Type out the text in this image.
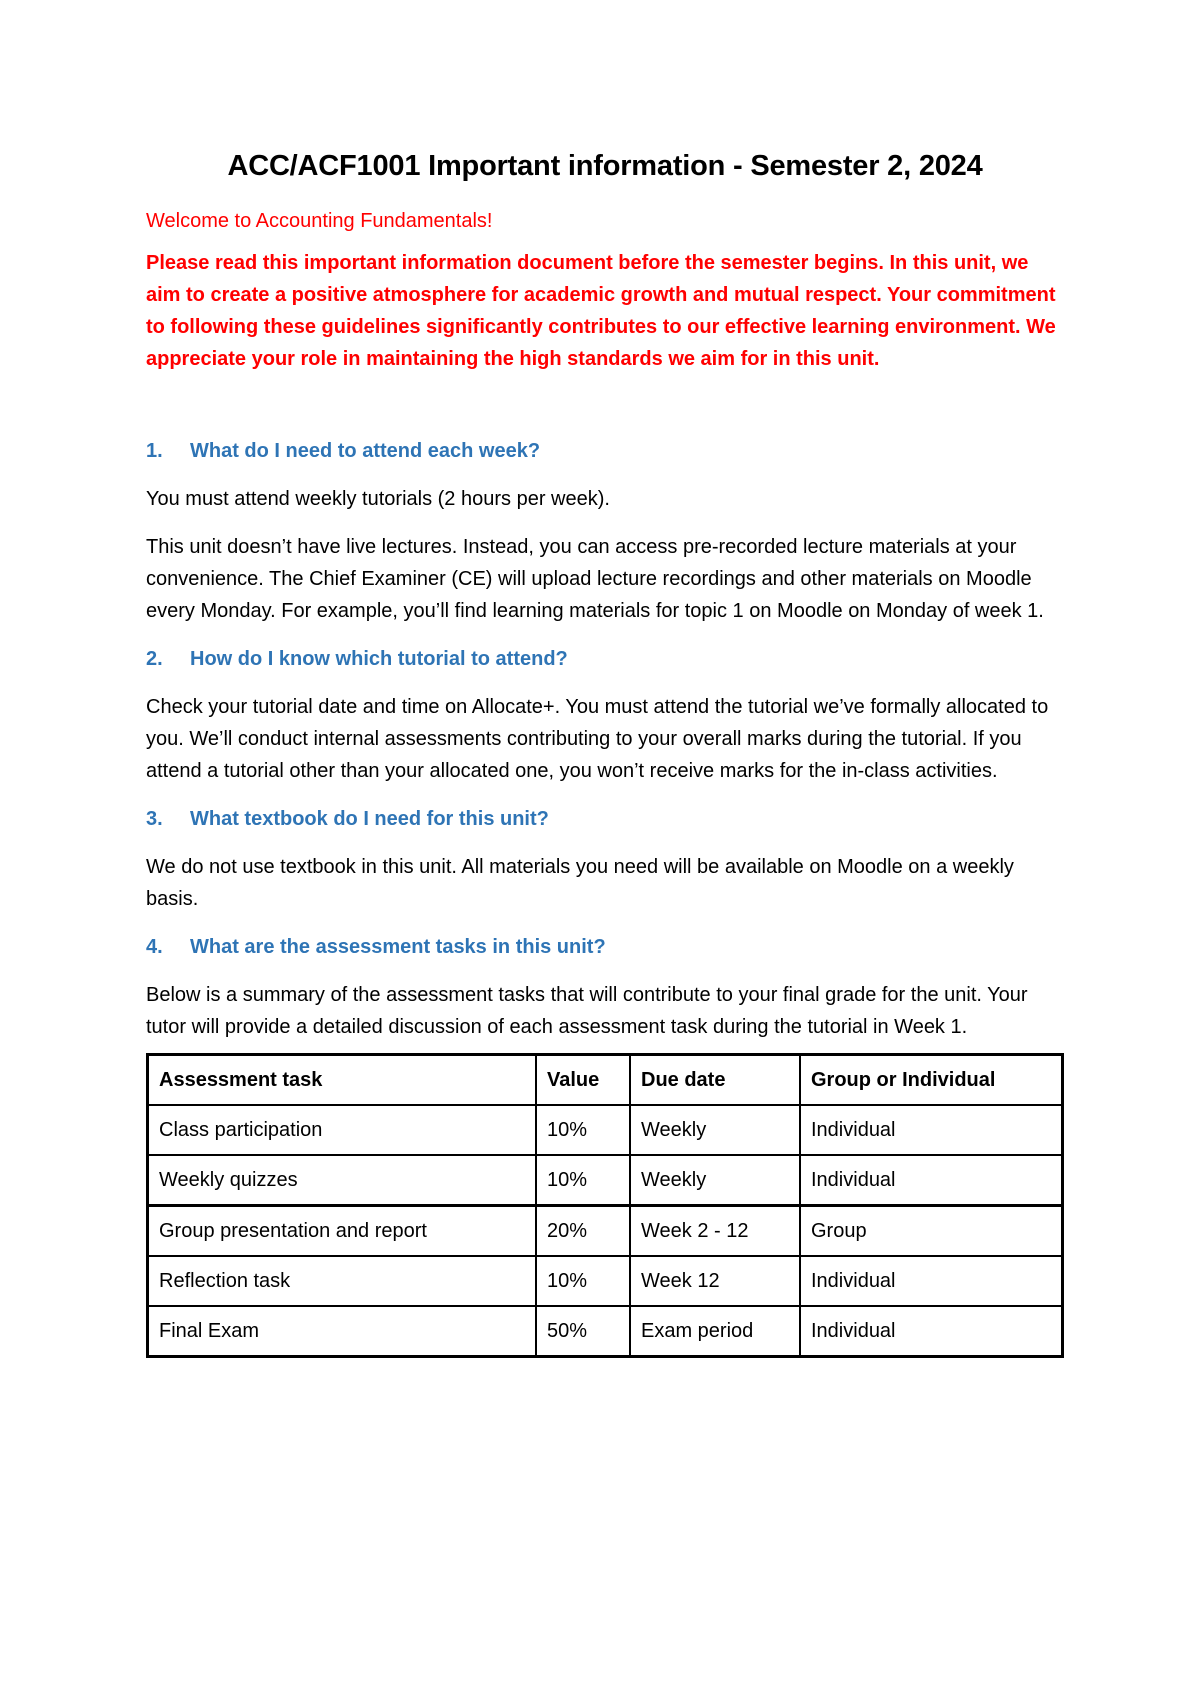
ACC/ACF1001 Important information - Semester 2, 2024

Welcome to Accounting Fundamentals!

Please read this important information document before the semester begins. In this unit, we aim to create a positive atmosphere for academic growth and mutual respect. Your commitment to following these guidelines significantly contributes to our effective learning environment. We appreciate your role in maintaining the high standards we aim for in this unit.

1.	What do I need to attend each week?

You must attend weekly tutorials (2 hours per week).

This unit doesn’t have live lectures. Instead, you can access pre-recorded lecture materials at your convenience. The Chief Examiner (CE) will upload lecture recordings and other materials on Moodle every Monday. For example, you’ll find learning materials for topic 1 on Moodle on Monday of week 1.

2.	How do I know which tutorial to attend?

Check your tutorial date and time on Allocate+. You must attend the tutorial we’ve formally allocated to you. We’ll conduct internal assessments contributing to your overall marks during the tutorial. If you attend a tutorial other than your allocated one, you won’t receive marks for the in-class activities.

3.	What textbook do I need for this unit?

We do not use textbook in this unit. All materials you need will be available on Moodle on a weekly basis.

4.	What are the assessment tasks in this unit?

Below is a summary of the assessment tasks that will contribute to your final grade for the unit. Your tutor will provide a detailed discussion of each assessment task during the tutorial in Week 1.

Assessment task	Value	Due date	Group or Individual
Class participation	10%	Weekly	Individual
Weekly quizzes	10%	Weekly	Individual
Group presentation and report	20%	Week 2 - 12	Group
Reflection task	10%	Week 12	Individual
Final Exam	50%	Exam period	Individual
